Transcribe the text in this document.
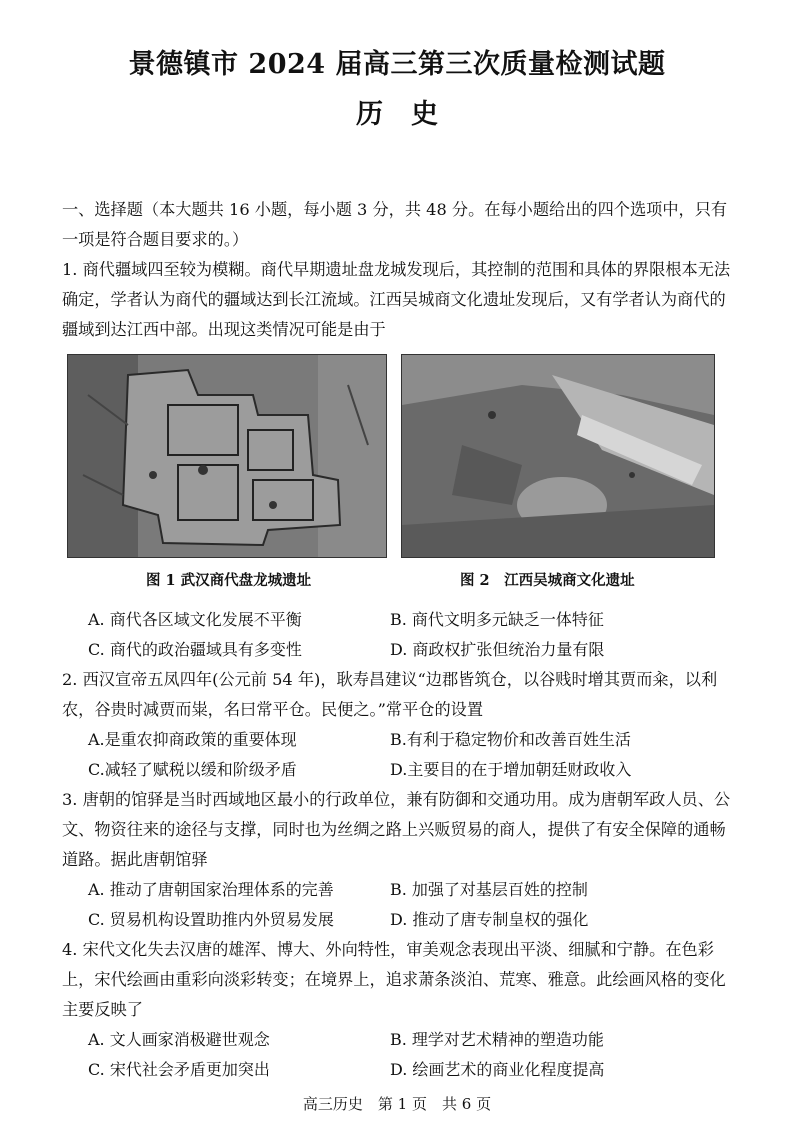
景德镇市 2024 届高三第三次质量检测试题
历史
一、选择题（本大题共 16 小题，每小题 3 分，共 48 分。在每小题给出的四个选项中，只有一项是符合题目要求的。）
1. 商代疆域四至较为模糊。商代早期遗址盘龙城发现后，其控制的范围和具体的界限根本无法确定，学者认为商代的疆域达到长江流域。江西吴城商文化遗址发现后，又有学者认为商代的疆域到达江西中部。出现这类情况可能是由于
图 1 武汉商代盘龙城遗址	图 2　江西吴城商文化遗址
A. 商代各区域文化发展不平衡	B. 商代文明多元缺乏一体特征
C. 商代的政治疆域具有多变性	D. 商政权扩张但统治力量有限
2. 西汉宣帝五凤四年(公元前 54 年)，耿寿昌建议“边郡皆筑仓，以谷贱时增其贾而籴，以利农，谷贵时减贾而粜，名曰常平仓。民便之。”常平仓的设置
A.是重农抑商政策的重要体现	B.有利于稳定物价和改善百姓生活
C.减轻了赋税以缓和阶级矛盾	D.主要目的在于增加朝廷财政收入
3. 唐朝的馆驿是当时西域地区最小的行政单位，兼有防御和交通功用。成为唐朝军政人员、公文、物资往来的途径与支撑，同时也为丝绸之路上兴贩贸易的商人，提供了有安全保障的通畅道路。据此唐朝馆驿
A. 推动了唐朝国家治理体系的完善	B. 加强了对基层百姓的控制
C. 贸易机构设置助推内外贸易发展	D. 推动了唐专制皇权的强化
4. 宋代文化失去汉唐的雄浑、博大、外向特性，审美观念表现出平淡、细腻和宁静。在色彩上，宋代绘画由重彩向淡彩转变；在境界上，追求萧条淡泊、荒寒、雅意。此绘画风格的变化主要反映了
A. 文人画家消极避世观念	B. 理学对艺术精神的塑造功能
C. 宋代社会矛盾更加突出	D. 绘画艺术的商业化程度提高
高三历史　第 1 页　共 6 页
